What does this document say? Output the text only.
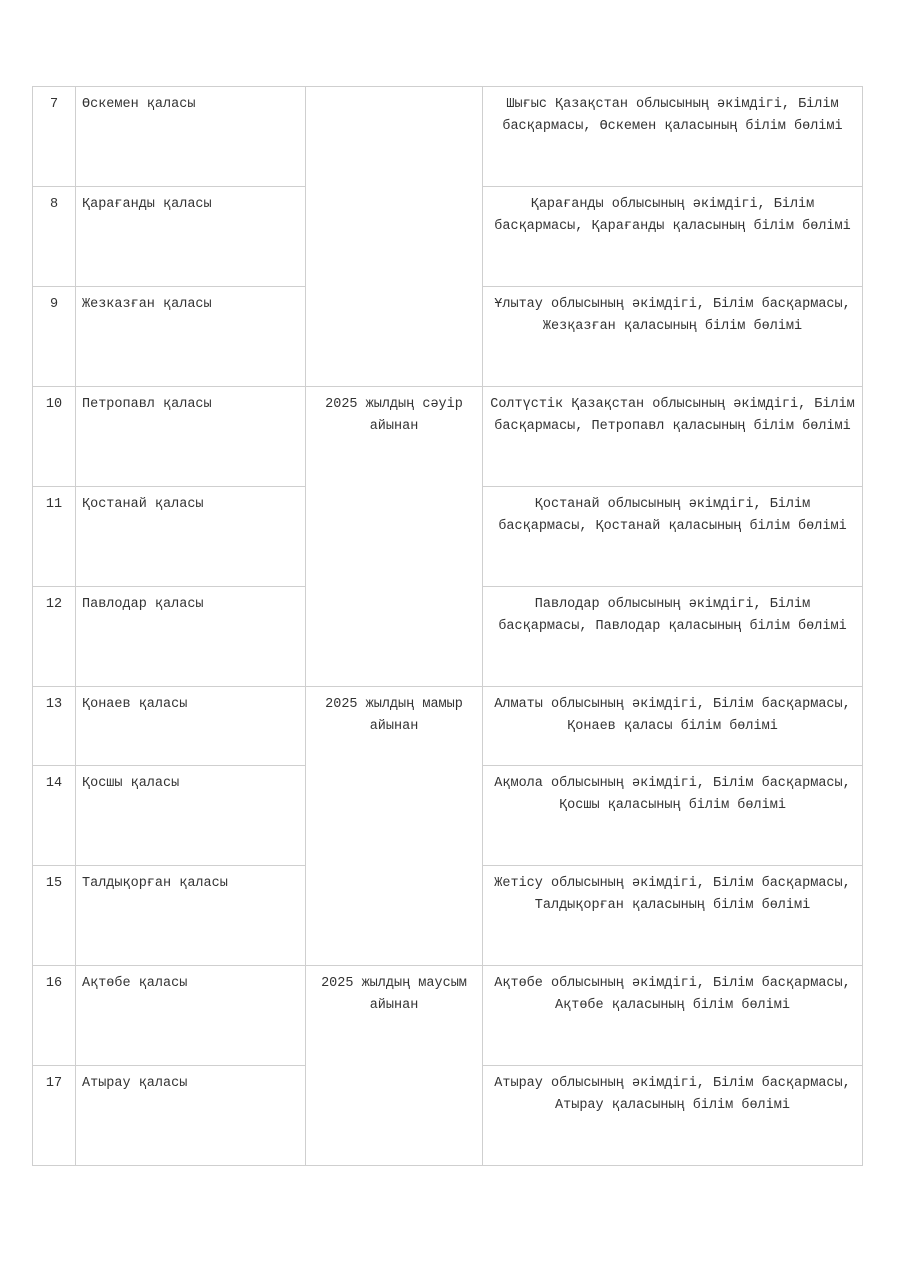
7	Өскемен қаласы		Шығыс Қазақстан облысының әкімдігі, Білім басқармасы, Өскемен қаласының білім бөлімі
8	Қарағанды қаласы		Қарағанды облысының әкімдігі, Білім басқармасы, Қарағанды қаласының білім бөлімі
9	Жезказған қаласы		Ұлытау облысының әкімдігі, Білім басқармасы, Жезқазған қаласының білім бөлімі
10	Петропавл қаласы	2025 жылдың сәуір айынан	Солтүстік Қазақстан облысының әкімдігі, Білім басқармасы, Петропавл қаласының білім бөлімі
11	Қостанай қаласы		Қостанай облысының әкімдігі, Білім басқармасы, Қостанай қаласының білім бөлімі
12	Павлодар қаласы		Павлодар облысының әкімдігі, Білім басқармасы, Павлодар қаласының білім бөлімі
13	Қонаев қаласы	2025 жылдың мамыр айынан	Алматы облысының әкімдігі, Білім басқармасы, Қонаев қаласы білім бөлімі
14	Қосшы қаласы		Ақмола облысының әкімдігі, Білім басқармасы, Қосшы қаласының білім бөлімі
15	Талдықорған қаласы		Жетісу облысының әкімдігі, Білім басқармасы, Талдықорған қаласының білім бөлімі
16	Ақтөбе қаласы	2025 жылдың маусым айынан	Ақтөбе облысының әкімдігі, Білім басқармасы, Ақтөбе қаласының білім бөлімі
17	Атырау қаласы		Атырау облысының әкімдігі, Білім басқармасы, Атырау қаласының білім бөлімі
